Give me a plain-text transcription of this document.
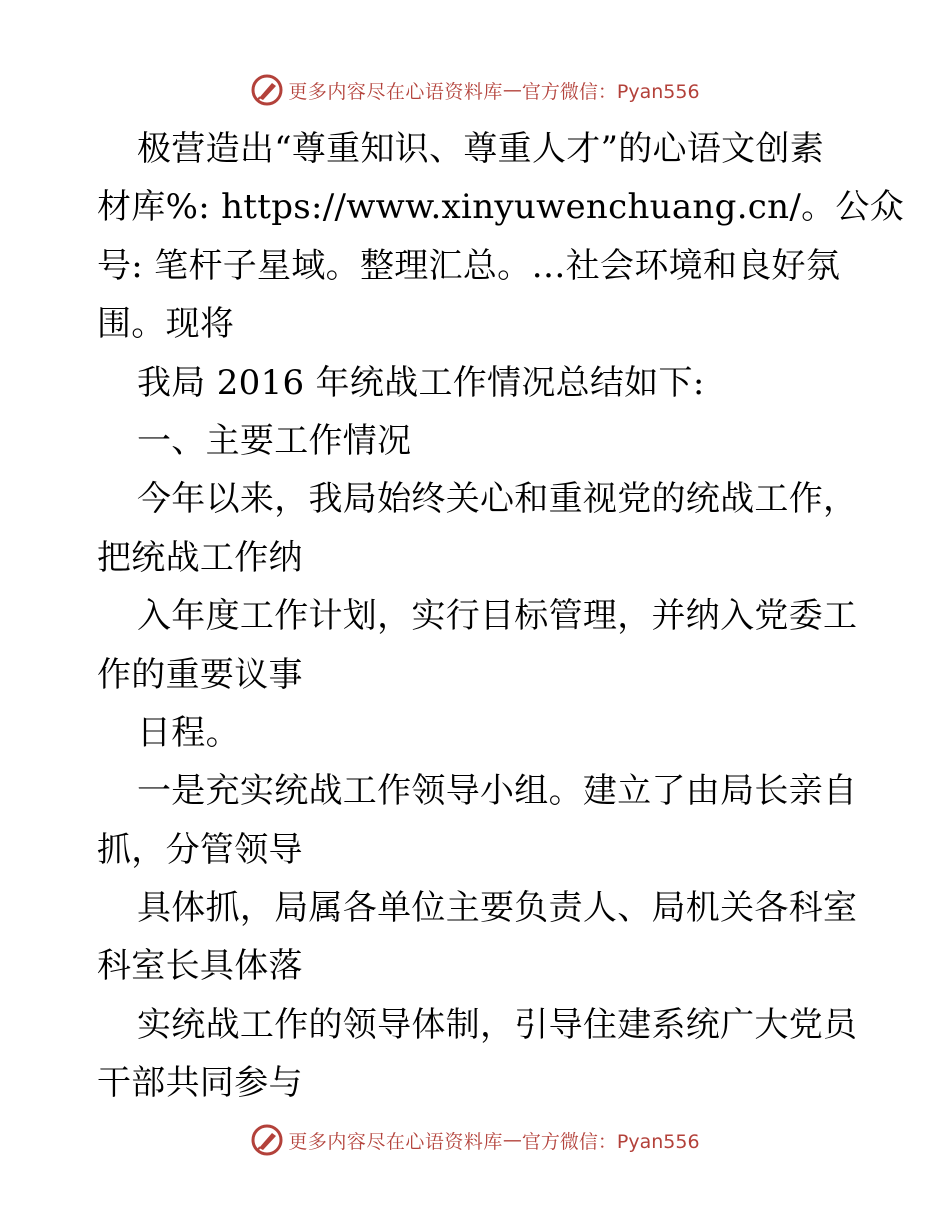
更多内容尽在心语资料库 — 官方微信：Pyan556
极营造出“尊重知识、尊重人才”的心语文创素
材库%: https://www.xinyuwenchuang.cn/。公众
号: 笔杆子星域。整理汇总。…社会环境和良好氛
围。现将
我局 2016 年统战工作情况总结如下:
一、主要工作情况
今年以来，我局始终关心和重视党的统战工作，
把统战工作纳
入年度工作计划，实行目标管理，并纳入党委工
作的重要议事
日程。
一是充实统战工作领导小组。建立了由局长亲自
抓，分管领导
具体抓，局属各单位主要负责人、局机关各科室
科室长具体落
实统战工作的领导体制，引导住建系统广大党员
干部共同参与
更多内容尽在心语资料库 — 官方微信：Pyan556
